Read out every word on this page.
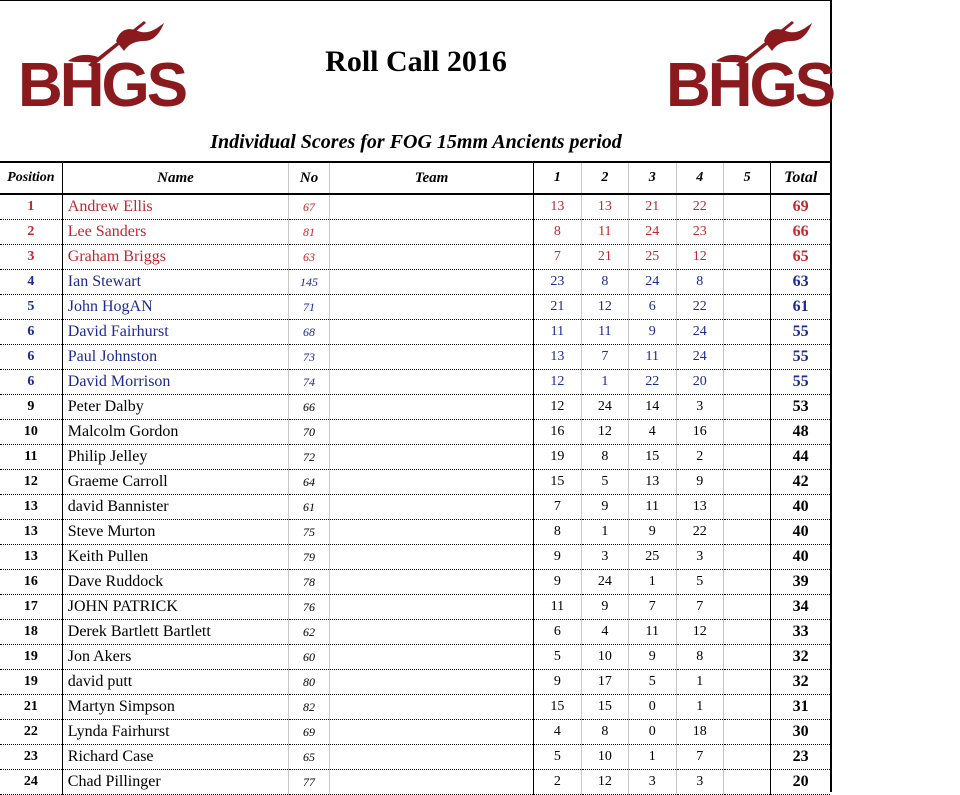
BHGS	BHGS
Roll Call 2016
Individual Scores for FOG 15mm Ancients period
Position	Name	No	Team	1	2	3	4	5	Total
1	Andrew Ellis	67		13	13	21	22		69
2	Lee Sanders	81		8	11	24	23		66
3	Graham Briggs	63		7	21	25	12		65
4	Ian Stewart	145		23	8	24	8		63
5	John HogAN	71		21	12	6	22		61
6	David Fairhurst	68		11	11	9	24		55
6	Paul Johnston	73		13	7	11	24		55
6	David Morrison	74		12	1	22	20		55
9	Peter Dalby	66		12	24	14	3		53
10	Malcolm Gordon	70		16	12	4	16		48
11	Philip Jelley	72		19	8	15	2		44
12	Graeme Carroll	64		15	5	13	9		42
13	david Bannister	61		7	9	11	13		40
13	Steve Murton	75		8	1	9	22		40
13	Keith Pullen	79		9	3	25	3		40
16	Dave Ruddock	78		9	24	1	5		39
17	JOHN PATRICK	76		11	9	7	7		34
18	Derek Bartlett Bartlett	62		6	4	11	12		33
19	Jon Akers	60		5	10	9	8		32
19	david putt	80		9	17	5	1		32
21	Martyn Simpson	82		15	15	0	1		31
22	Lynda Fairhurst	69		4	8	0	18		30
23	Richard Case	65		5	10	1	7		23
24	Chad Pillinger	77		2	12	3	3		20
